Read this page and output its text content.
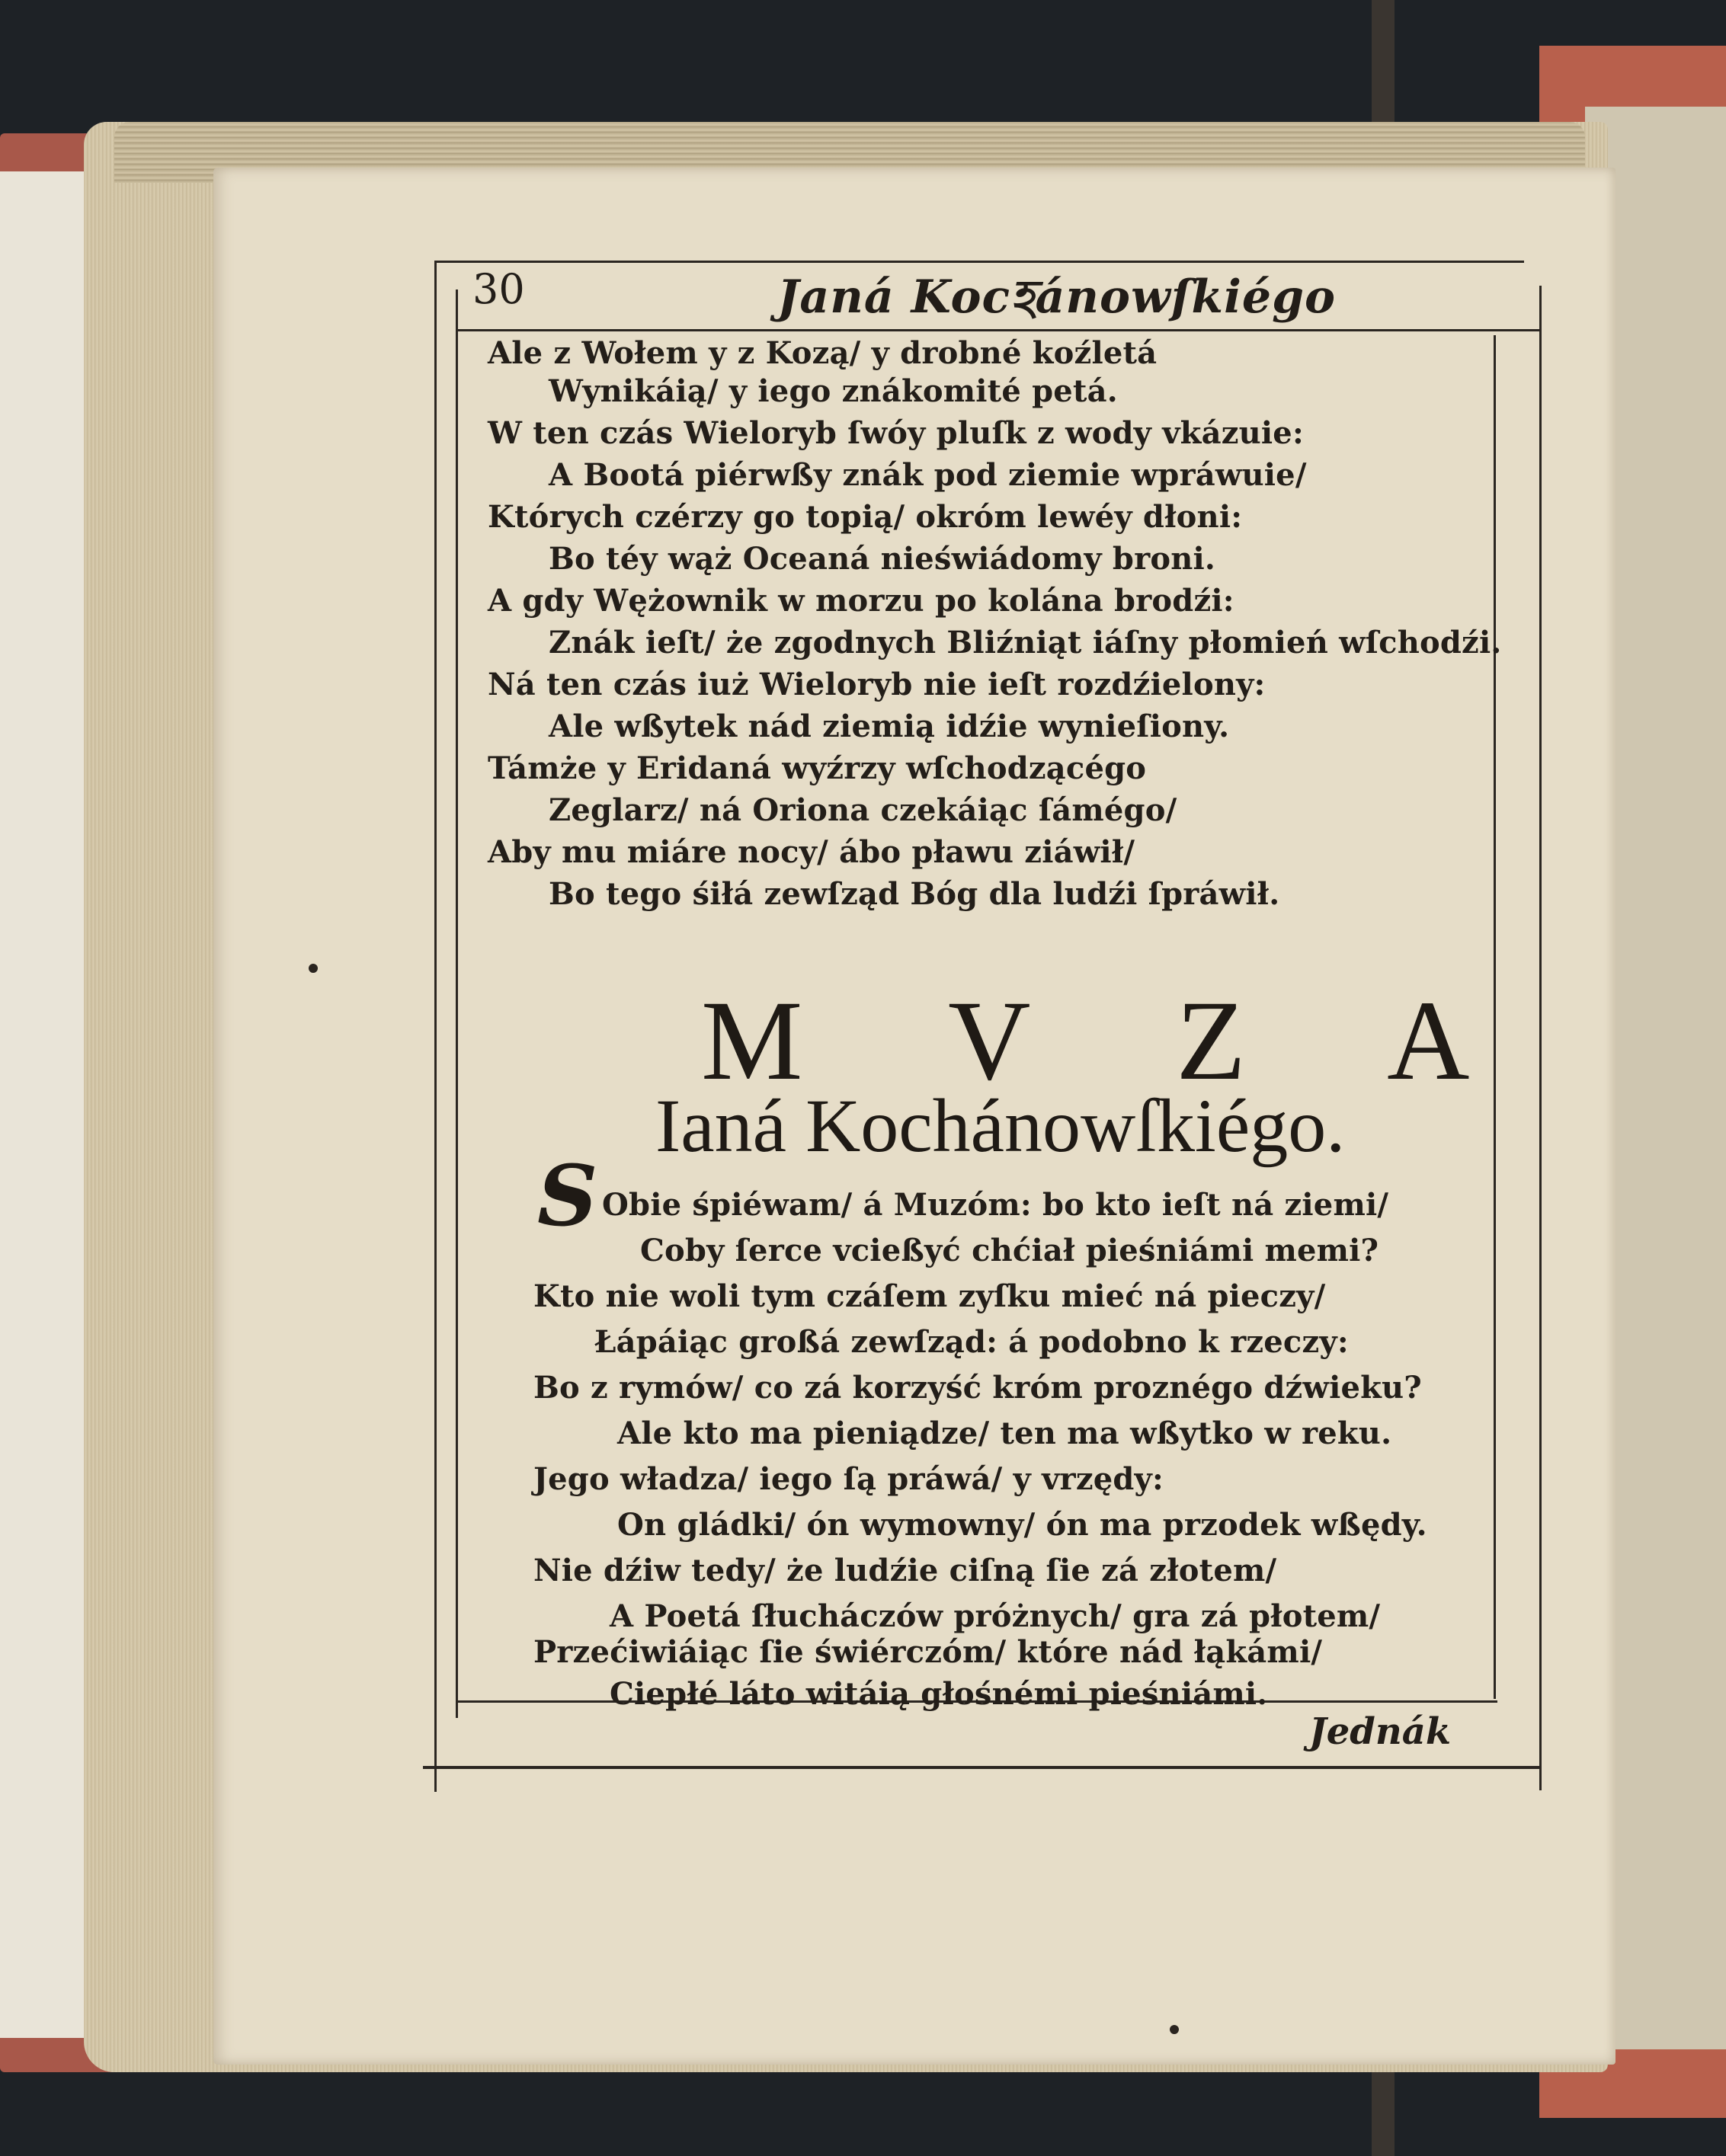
30	Janá Kocহánowſkiégo
Ale z Wołem y z Kozą/ y drobné koźletá
Wynikáią/ y iego znákomité petá.
W ten czás Wieloryb ſwóy pluſk z wody vkázuie:
A Bootá piérwßy znák pod ziemie wpráwuie/
Których czérzy go topią/ okróm lewéy dłoni:
Bo téy wąż Oceaná nieświádomy broni.
A gdy Wężownik w morzu po kolána brodźi:
Znák ieſt/ że zgodnych Bliźniąt iáſny płomień wſchodźi.
Ná ten czás iuż Wieloryb nie ieſt rozdźielony:
Ale wßytek nád ziemią idźie wynieſiony.
Támże y Eridaná wyźrzy wſchodzącégo
Zeglarz/ ná Oriona czekáiąc ſámégo/
Aby mu miáre nocy/ ábo pławu ziáwił/
Bo tego śiłá zewſząd Bóg dla ludźi ſpráwił.
M V Z A
Ianá Kochánowſkiégo.
S Obie śpiéwam/ á Muzóm: bo kto ieſt ná ziemi/
Coby ſerce vcießyć chćiał pieśniámi memi?
Kto nie woli tym czáſem zyſku mieć ná pieczy/
Łápáiąc großá zewſząd: á podobno k rzeczy:
Bo z rymów/ co zá korzyść króm proznégo dźwieku?
Ale kto ma pieniądze/ ten ma wßytko w reku.
Jego władza/ iego ſą práwá/ y vrzędy:
On gládki/ ón wymowny/ ón ma przodek wßędy.
Nie dźiw tedy/ że ludźie ciſną ſie zá złotem/
A Poetá ſłucháczów próżnych/ gra zá płotem/
Przećiwiáiąc ſie świérczóm/ które nád łąkámi/
Ciepłé láto witáią głośnémi pieśniámi.
Jednák
